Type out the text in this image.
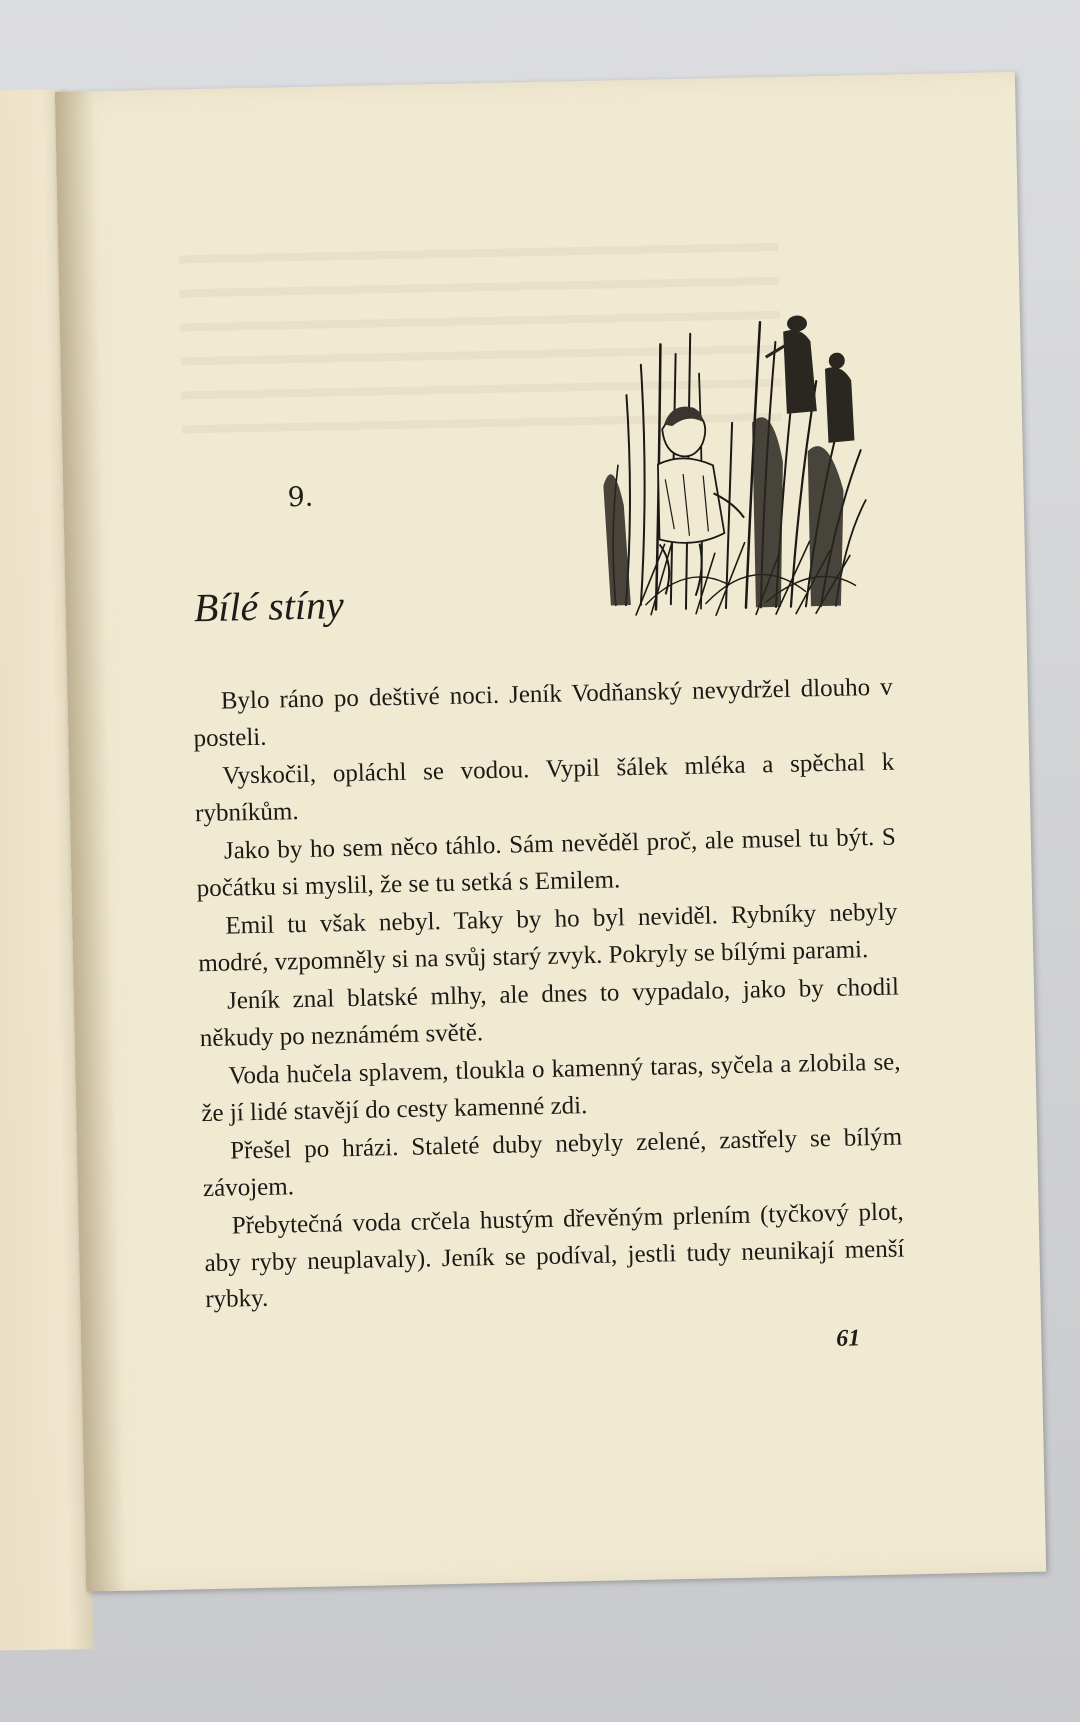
9.
Bílé stíny

Bylo ráno po deštivé noci. Jeník Vodňanský nevydržel dlouho v posteli.

Vyskočil, opláchl se vodou. Vypil šálek mléka a spěchal k rybníkům.

Jako by ho sem něco táhlo. Sám nevěděl proč, ale musel tu být. S počátku si myslil, že se tu setká s Emilem.

Emil tu však nebyl. Taky by ho byl neviděl. Rybníky nebyly modré, vzpomněly si na svůj starý zvyk. Pokryly se bílými parami.

Jeník znal blatské mlhy, ale dnes to vypadalo, jako by chodil někudy po neznámém světě.

Voda hučela splavem, tloukla o kamenný taras, syčela a zlobila se, že jí lidé stavějí do cesty kamenné zdi.

Přešel po hrázi. Staleté duby nebyly zelené, zastřely se bílým závojem.

Přebytečná voda crčela hustým dřevěným prlením (tyčkový plot, aby ryby neuplavaly). Jeník se podíval, jestli tudy neunikají menší rybky.

61
